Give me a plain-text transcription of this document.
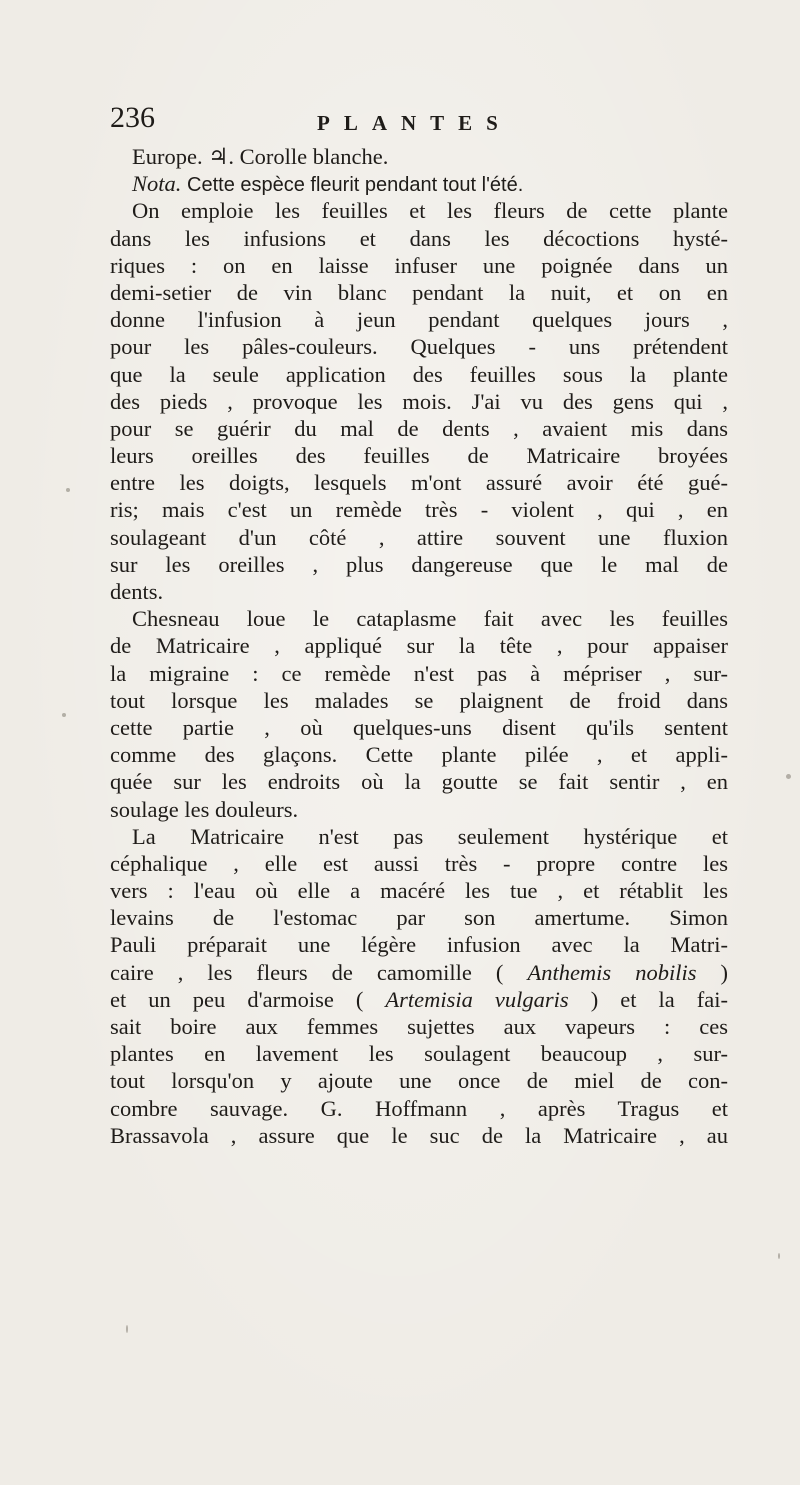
236	PLANTES
Europe. ♃. Corolle blanche.
Nota. Cette espèce fleurit pendant tout l'été.
On emploie les feuilles et les fleurs de cette plante
dans les infusions et dans les décoctions hysté-
riques : on en laisse infuser une poignée dans un
demi-setier de vin blanc pendant la nuit, et on en
donne l'infusion à jeun pendant quelques jours ,
pour les pâles-couleurs. Quelques - uns prétendent
que la seule application des feuilles sous la plante
des pieds , provoque les mois. J'ai vu des gens qui ,
pour se guérir du mal de dents , avaient mis dans
leurs oreilles des feuilles de Matricaire broyées
entre les doigts, lesquels m'ont assuré avoir été gué-
ris; mais c'est un remède très - violent , qui , en
soulageant d'un côté , attire souvent une fluxion
sur les oreilles , plus dangereuse que le mal de
dents.
Chesneau loue le cataplasme fait avec les feuilles
de Matricaire , appliqué sur la tête , pour appaiser
la migraine : ce remède n'est pas à mépriser , sur-
tout lorsque les malades se plaignent de froid dans
cette partie , où quelques-uns disent qu'ils sentent
comme des glaçons. Cette plante pilée , et appli-
quée sur les endroits où la goutte se fait sentir , en
soulage les douleurs.
La Matricaire n'est pas seulement hystérique et
céphalique , elle est aussi très - propre contre les
vers : l'eau où elle a macéré les tue , et rétablit les
levains de l'estomac par son amertume. Simon
Pauli préparait une légère infusion avec la Matri-
caire , les fleurs de camomille ( Anthemis nobilis )
et un peu d'armoise ( Artemisia vulgaris ) et la fai-
sait boire aux femmes sujettes aux vapeurs : ces
plantes en lavement les soulagent beaucoup , sur-
tout lorsqu'on y ajoute une once de miel de con-
combre sauvage. G. Hoffmann , après Tragus et
Brassavola , assure que le suc de la Matricaire , au
